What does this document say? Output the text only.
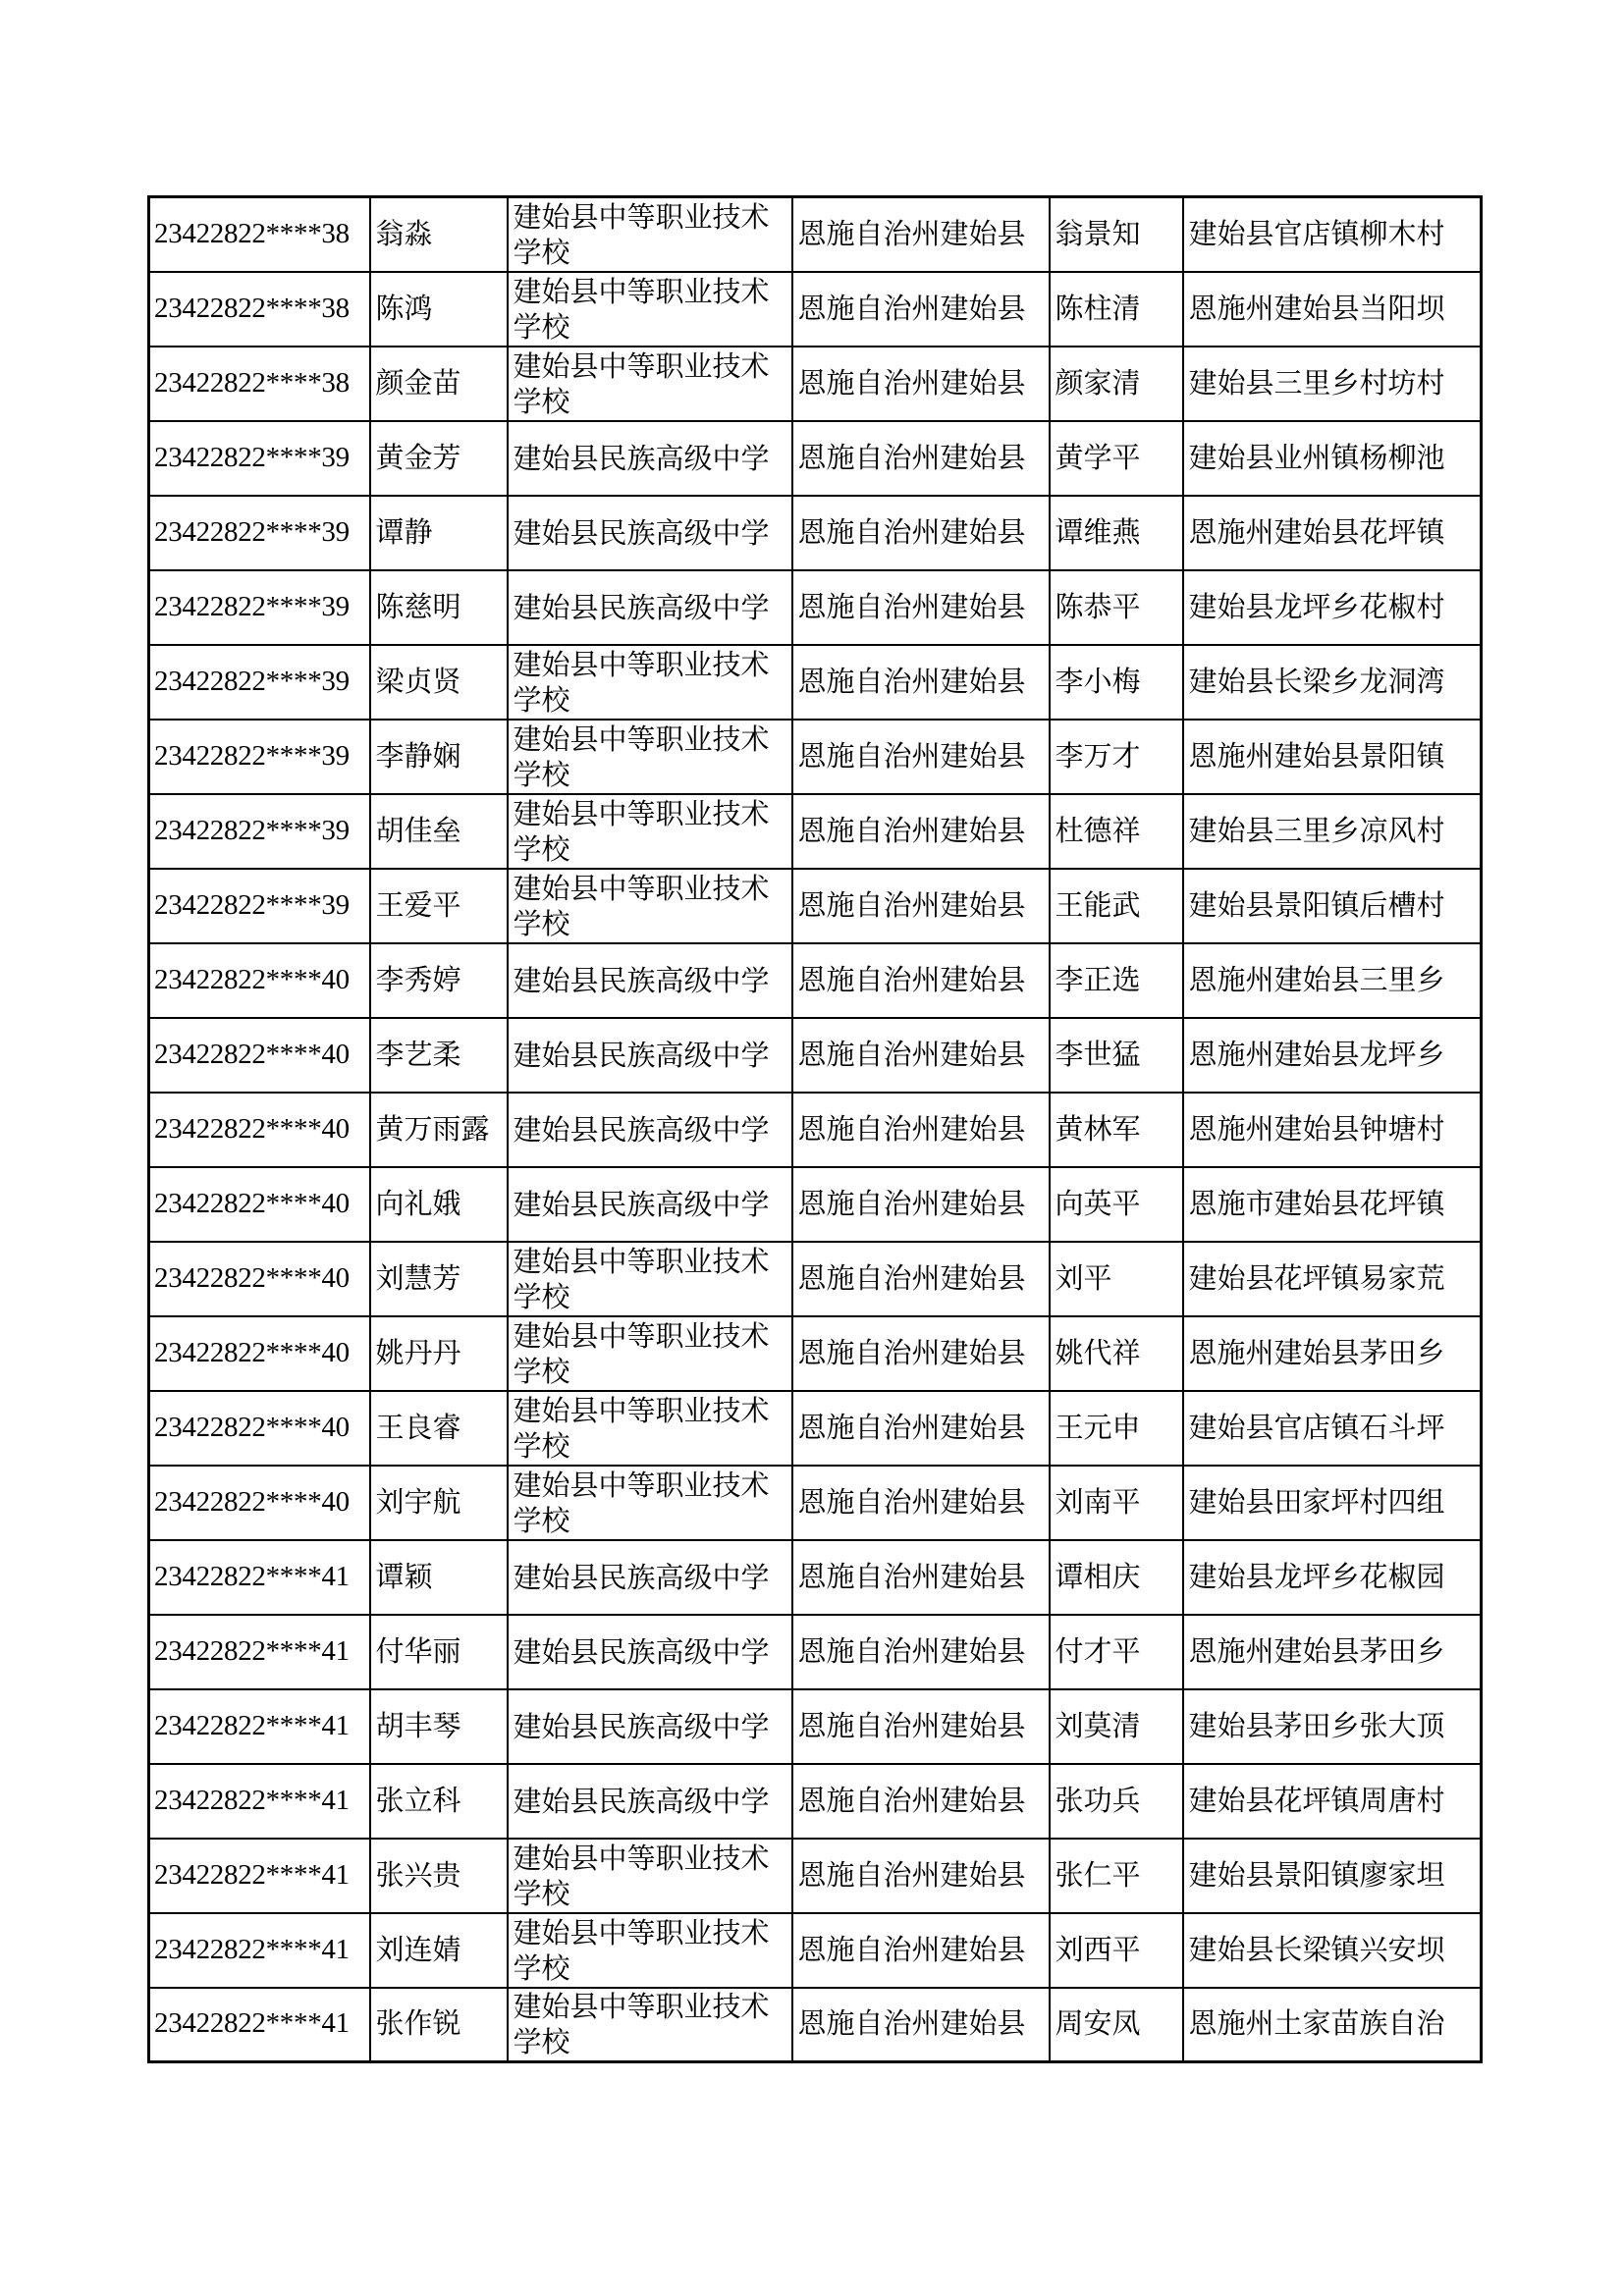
23422822****38	翁淼	建始县中等职业技术学校	恩施自治州建始县	翁景知	建始县官店镇柳木村
23422822****38	陈鸿	建始县中等职业技术学校	恩施自治州建始县	陈柱清	恩施州建始县当阳坝
23422822****38	颜金苗	建始县中等职业技术学校	恩施自治州建始县	颜家清	建始县三里乡村坊村
23422822****39	黄金芳	建始县民族高级中学	恩施自治州建始县	黄学平	建始县业州镇杨柳池
23422822****39	谭静	建始县民族高级中学	恩施自治州建始县	谭维燕	恩施州建始县花坪镇
23422822****39	陈慈明	建始县民族高级中学	恩施自治州建始县	陈恭平	建始县龙坪乡花椒村
23422822****39	梁贞贤	建始县中等职业技术学校	恩施自治州建始县	李小梅	建始县长梁乡龙洞湾
23422822****39	李静娴	建始县中等职业技术学校	恩施自治州建始县	李万才	恩施州建始县景阳镇
23422822****39	胡佳垒	建始县中等职业技术学校	恩施自治州建始县	杜德祥	建始县三里乡凉风村
23422822****39	王爱平	建始县中等职业技术学校	恩施自治州建始县	王能武	建始县景阳镇后槽村
23422822****40	李秀婷	建始县民族高级中学	恩施自治州建始县	李正选	恩施州建始县三里乡
23422822****40	李艺柔	建始县民族高级中学	恩施自治州建始县	李世猛	恩施州建始县龙坪乡
23422822****40	黄万雨露	建始县民族高级中学	恩施自治州建始县	黄林军	恩施州建始县钟塘村
23422822****40	向礼娥	建始县民族高级中学	恩施自治州建始县	向英平	恩施市建始县花坪镇
23422822****40	刘慧芳	建始县中等职业技术学校	恩施自治州建始县	刘平	建始县花坪镇易家荒
23422822****40	姚丹丹	建始县中等职业技术学校	恩施自治州建始县	姚代祥	恩施州建始县茅田乡
23422822****40	王良睿	建始县中等职业技术学校	恩施自治州建始县	王元申	建始县官店镇石斗坪
23422822****40	刘宇航	建始县中等职业技术学校	恩施自治州建始县	刘南平	建始县田家坪村四组
23422822****41	谭颖	建始县民族高级中学	恩施自治州建始县	谭相庆	建始县龙坪乡花椒园
23422822****41	付华丽	建始县民族高级中学	恩施自治州建始县	付才平	恩施州建始县茅田乡
23422822****41	胡丰琴	建始县民族高级中学	恩施自治州建始县	刘莫清	建始县茅田乡张大顶
23422822****41	张立科	建始县民族高级中学	恩施自治州建始县	张功兵	建始县花坪镇周唐村
23422822****41	张兴贵	建始县中等职业技术学校	恩施自治州建始县	张仁平	建始县景阳镇廖家坦
23422822****41	刘连婧	建始县中等职业技术学校	恩施自治州建始县	刘西平	建始县长梁镇兴安坝
23422822****41	张作锐	建始县中等职业技术学校	恩施自治州建始县	周安凤	恩施州土家苗族自治
